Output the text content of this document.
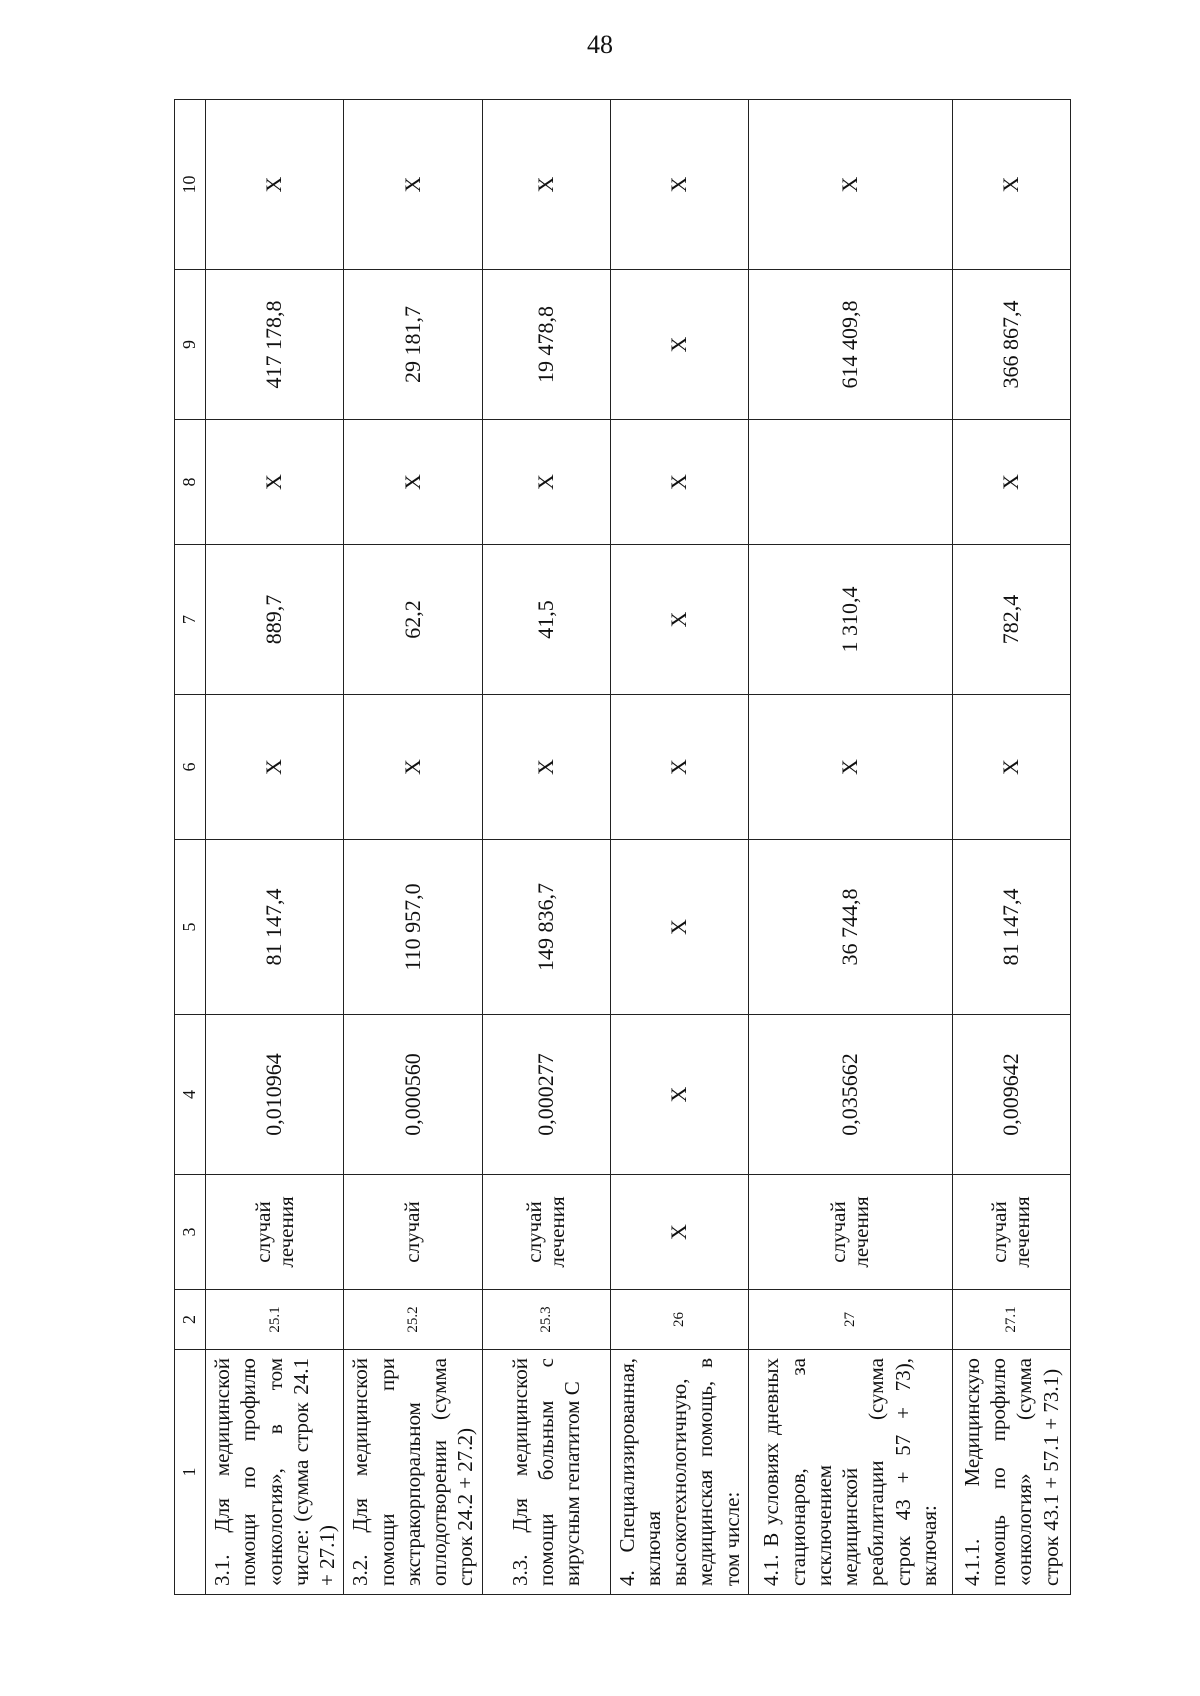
48
1	2	3	4	5	6	7	8	9	10
3.1. Для медицинской помощи по профилю «онкология», в том числе: (сумма строк 24.1 + 27.1)	25.1	случай лечения	0,010964	81 147,4	X	889,7	X	417 178,8	X
3.2. Для медицинской помощи при экстракорпоральном оплодотворении (сумма строк 24.2 + 27.2)	25.2	случай	0,000560	110 957,0	X	62,2	X	29 181,7	X
3.3. Для медицинской помощи больным с вирусным гепатитом С	25.3	случай лечения	0,000277	149 836,7	X	41,5	X	19 478,8	X
4. Специализированная, включая высокотехнологичную, медицинская помощь, в том числе:	26	X	X	X	X	X	X	X	X
4.1. В условиях дневных стационаров, за исключением медицинской реабилитации (сумма строк 43 + 57 + 73), включая:	27	случай лечения	0,035662	36 744,8	X	1 310,4		614 409,8	X
4.1.1. Медицинскую помощь по профилю «онкология» (сумма строк 43.1 + 57.1 + 73.1)	27.1	случай лечения	0,009642	81 147,4	X	782,4	X	366 867,4	X
